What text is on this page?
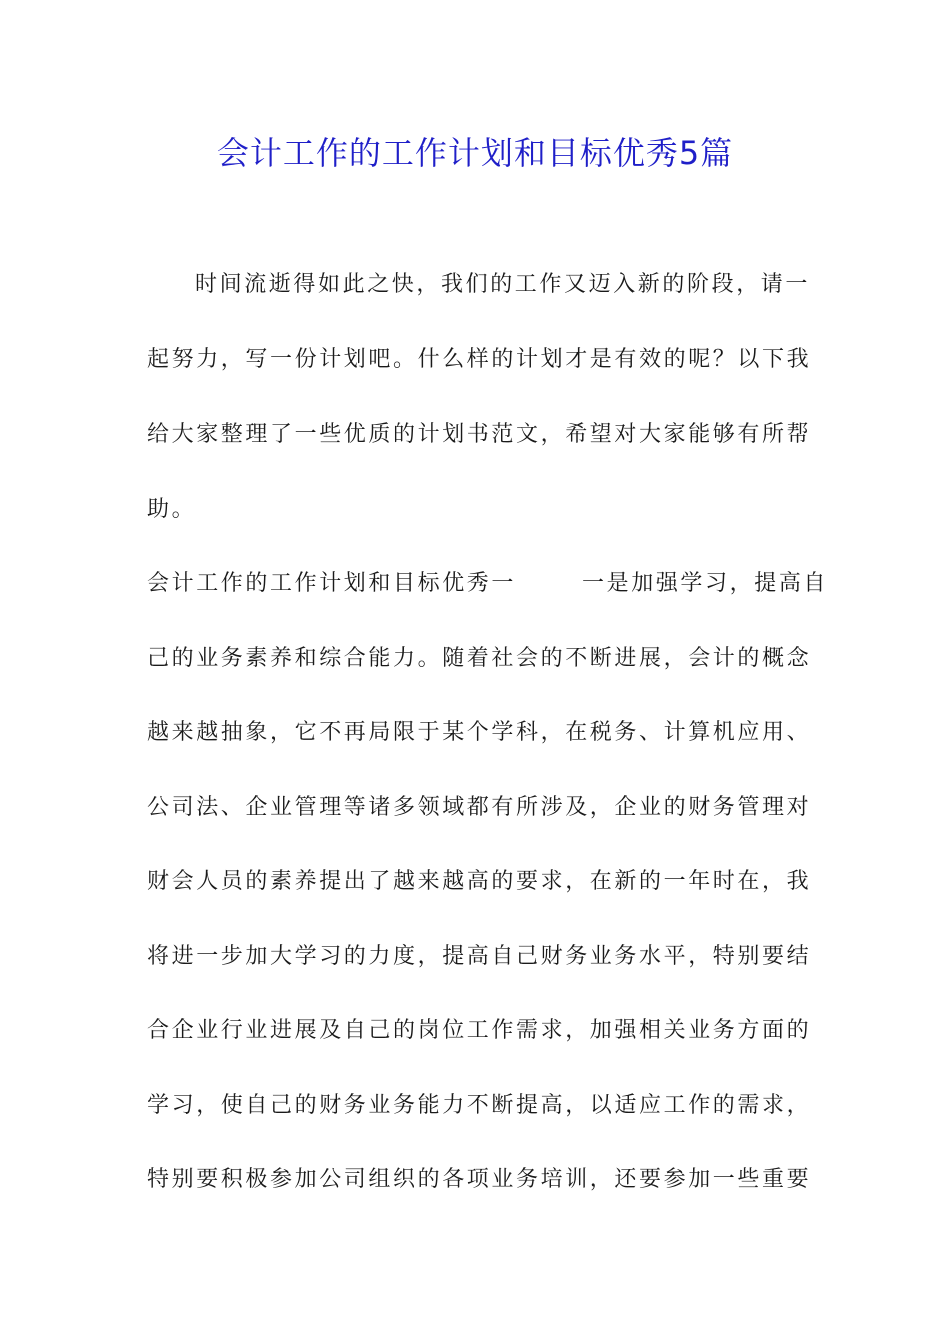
会计工作的工作计划和目标优秀5篇
时间流逝得如此之快，我们的工作又迈入新的阶段，请一
起努力，写一份计划吧。什么样的计划才是有效的呢？以下我
给大家整理了一些优质的计划书范文，希望对大家能够有所帮
助。
会计工作的工作计划和目标优秀一	一是加强学习，提高自
己的业务素养和综合能力。随着社会的不断进展，会计的概念
越来越抽象，它不再局限于某个学科，在税务、计算机应用、
公司法、企业管理等诸多领域都有所涉及，企业的财务管理对
财会人员的素养提出了越来越高的要求，在新的一年时在，我
将进一步加大学习的力度，提高自己财务业务水平，特别要结
合企业行业进展及自己的岗位工作需求，加强相关业务方面的
学习，使自己的财务业务能力不断提高，以适应工作的需求，
特别要积极参加公司组织的各项业务培训，还要参加一些重要
